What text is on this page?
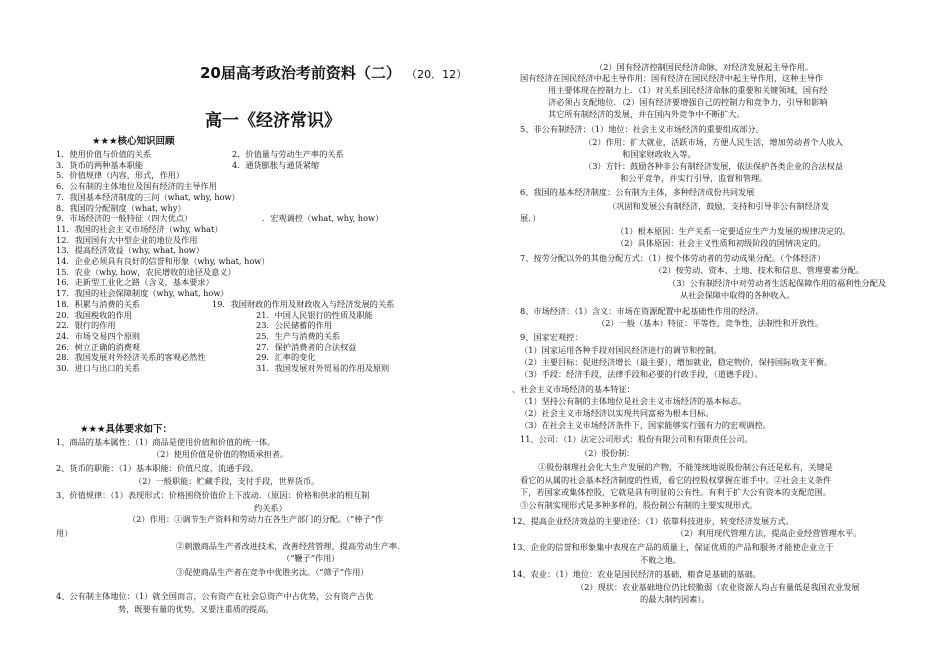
20届高考政治考前资料（二） （20．12）
高一《经济常识》
★★★核心知识回顾
1．使用价值与价值的关系	2．价值量与劳动生产率的关系
3．货币的两种基本职能	4．通货膨胀与通货紧缩
5．价值规律（内容，形式，作用）
6．公有制的主体地位及国有经济的主导作用
7．我国基本经济制度的三问（what, why, how）
8．我国的分配制度（what, why）
9．市场经济的一般特征（四大优点）	．宏观调控（what, why, how）
11．我国的社会主义市场经济（why, what）
12．我国国有大中型企业的地位及作用
13．提高经济效益（why, what, how）
14．企业必须具有良好的信誉和形象（why, what, how）
15．农业（why, how，农民增收的途径及意义）
16．走新型工业化之路（含义，基本要求）
17．我国的社会保障制度（why, what, how）
18．积累与消费的关系	19．我国财政的作用及财政收入与经济发展的关系
20．我国税收的作用	21．中国人民银行的性质及职能
22．银行的作用	23．公民储蓄的作用
24．市场交易四个原则	25．生产与消费的关系
26．树立正确的消费观	27．保护消费者的合法权益
28．我国发展对外经济关系的客观必然性	29．汇率的变化
30．进口与出口的关系	31．我国发展对外贸易的作用及原则
★★★具体要求如下：
1、商品的基本属性：（1）商品是使用价值和价值的统一体。
（2）使用价值是价值的物质承担者。
2、货币的职能：（1）基本职能：价值尺度，流通手段。
（2）一般职能：贮藏手段，支付手段，世界货币。
3、价值规律：（1）表现形式：价格围绕价值价上下波动．（原因：价格和供求的相互制
约关系）
（2）作用：①调节生产资料和劳动力在各生产部门的分配。（“棒子”作
用）
②刺激商品生产者改进技术，改善经营管理，提高劳动生产率．
（“鞭子”作用）
③促使商品生产者在竞争中优胜劣汰。（“筛子”作用）
4、公有制主体地位：（1）就全国而言，公有资产在社会总资产中占优势，公有资产占优
势，既要有量的优势，又要注重质的提高。
（2）国有经济控制国民经济命脉，对经济发展起主导作用。
国有经济在国民经济中起主导作用：国有经济在国民经济中起主导作用，这种主导作
用主要体现在控制力上．（1）对关系国民经济命脉的重要和关键领域，国有经
济必须占支配地位．（2）国有经济要增强自己的控制力和竞争力，引导和影响
其它所有制经济的发展，并在国内外竞争中不断扩大。
5、非公有制经济：（1）地位：社会主义市场经济的重要组成部分。
（2）作用：扩大就业，活跃市场，方便人民生活，增加劳动者个人收入
和国家财政收入等。
（3）方针：鼓励各种非公有制经济发展，依法保护各类企业的合法权益
和公平竞争，并实行引导，监督和管理。
6、我国的基本经济制度：公有制为主体，多种经济成份共同发展
（巩固和发展公有制经济，鼓励，支持和引导非公有制经济发
展．）
（1）根本原因：生产关系一定要适应生产力发展的规律决定的。
（2）具体原因：社会主义性质和初级阶段的国情决定的。
7、按劳分配以外的其他分配方式：（1）按个体劳动者的劳动成果分配。（个体经济）
（2）按劳动、资本、土地、技术和信息、管理要素分配。
（3）公有制经济中对劳动者生活起保障作用的福利性分配及
从社会保障中取得的各种收入。
8、市场经济：（1）含义：市场在资源配置中起基础性作用的经济。
（2）一般（基本）特征：平等性，竞争性，法制性和开放性。
9、国家宏观控：
（1）国家运用各种手段对国民经济进行的调节和控制。
（2）主要目标：促进经济增长（最主要），增加就业，稳定物价，保持国际收支平衡。
（3）手段：经济手段，法律手段和必要的行政手段，（道德手段）。
、社会主义市场经济的基本特征：
（1）坚持公有制的主体地位是社会主义市场经济的基本标志。
（2）社会主义市场经济以实现共同富裕为根本目标。
（3）在社会主义市场经济条件下，国家能够实行强有力的宏观调控。
11、公司：（1）法定公司形式：股份有限公司和有限责任公司。
（2）股份制：
①股份制理社会化大生产发展的产物，不能笼统地说股份制公有还是私有，关键是
看它的从属的社会基本经济制度的性质，看它的控股权掌握在谁手中。②社会主义条件
下，若国家或集体控股，它就是具有明显的公有性。有利于扩大公有资本的支配范围。
③公有制实现形式是多种多样的，股份制公有制的主要实现形式。
12、提高企业经济效益的主要途径：（1）依靠科技进步，转变经济发展方式。
（2）利用现代管理方法，提高企业经营管理水平。
13、企业的信誉和形象集中表现在产品的质量上，保证优质的产品和服务才能使企业立于
不败之地。
14、农业：（1）地位：农业是国民经济的基础，粮食是基础的基础。
（2）现状：农业基础地位仍比较脆弱（农业资源人均占有量低是我国农业发展
的最大制约因素）。
